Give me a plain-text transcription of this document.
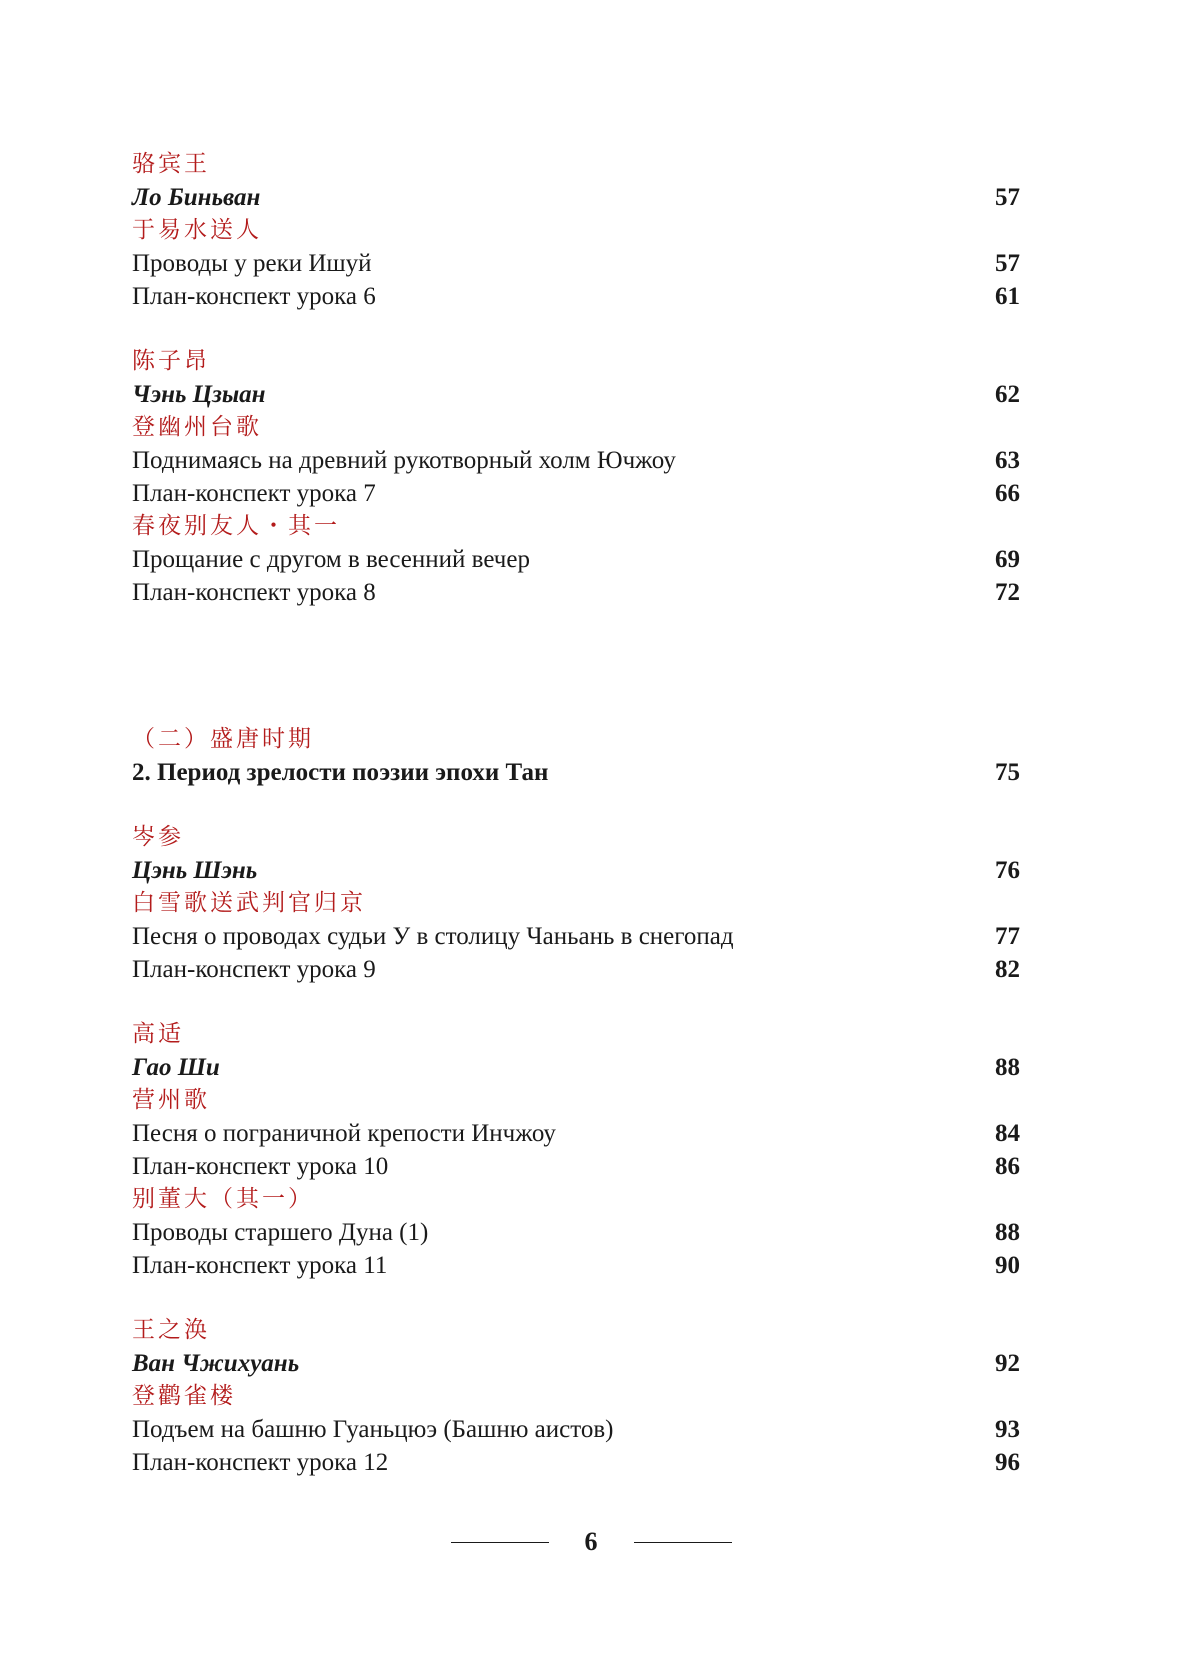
骆宾王
Ло Биньван	57
于易水送人
Проводы у реки Ишуй	57
План-конспект урока 6	61
陈子昂
Чэнь Цзыан	62
登幽州台歌
Поднимаясь на древний рукотворный холм Ючжоу	63
План-конспект урока 7	66
春夜别友人・其一
Прощание с другом в весенний вечер	69
План-конспект урока 8	72
（二）盛唐时期
2. Период зрелости поэзии эпохи Тан	75
岑参
Цэнь Шэнь	76
白雪歌送武判官归京
Песня о проводах судьи У в столицу Чаньань в снегопад	77
План-конспект урока 9	82
高适
Гао Ши	88
营州歌
Песня о пограничной крепости Инчжоу	84
План-конспект урока 10	86
别董大（其一）
Проводы старшего Дуна (1)	88
План-конспект урока 11	90
王之涣
Ван Чжихуань	92
登鹳雀楼
Подъем на башню Гуаньцюэ (Башню аистов)	93
План-конспект урока 12	96
6
